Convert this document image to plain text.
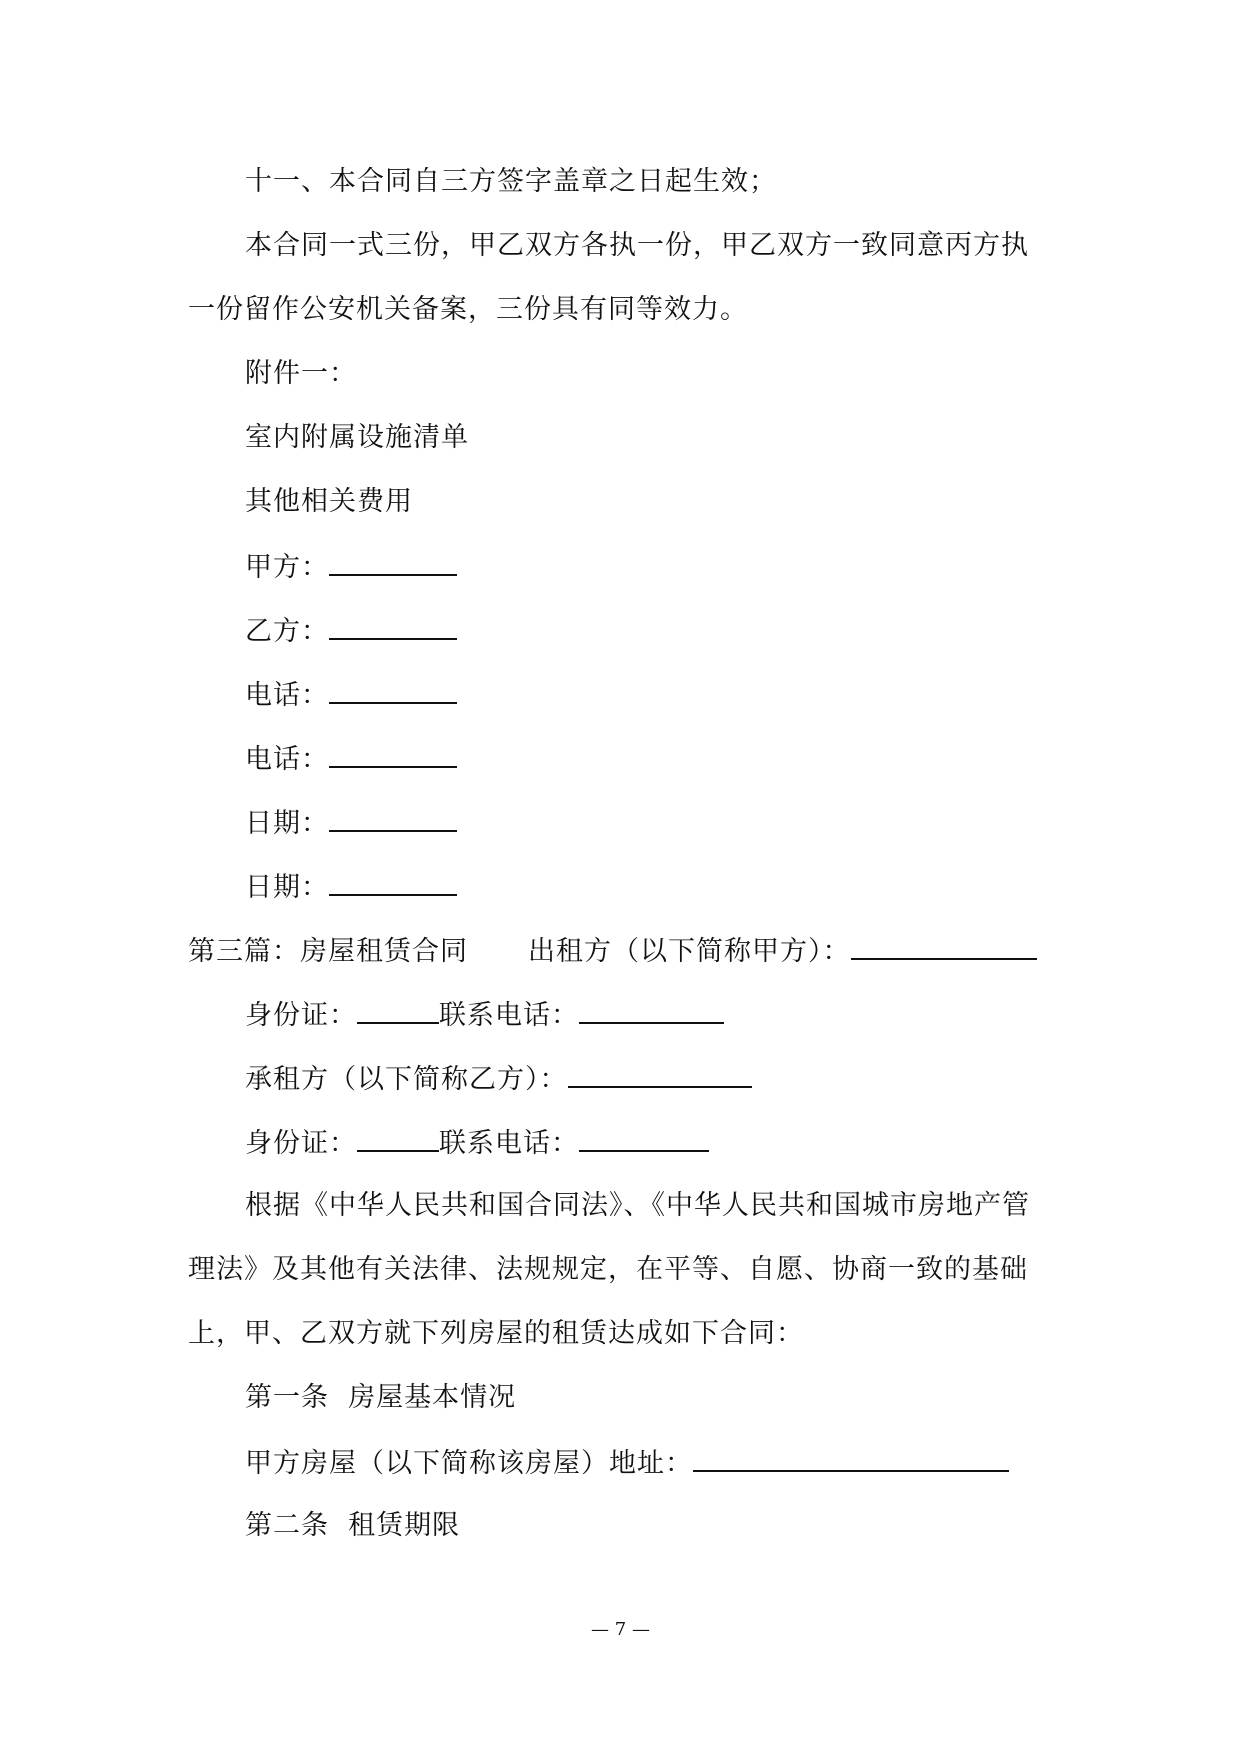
十一、本合同自三方签字盖章之日起生效；
本合同一式三份，甲乙双方各执一份，甲乙双方一致同意丙方执
一份留作公安机关备案，三份具有同等效力。
附件一：
室内附属设施清单
其他相关费用
甲方：
乙方：
电话：
电话：
日期：
日期：
第三篇：房屋租赁合同 出租方（以下简称甲方）：
身份证：	联系电话：
承租方（以下简称乙方）：
身份证：	联系电话：
根据《中华人民共和国合同法》、《中华人民共和国城市房地产管
理法》及其他有关法律、法规规定，在平等、自愿、协商一致的基础
上，甲、乙双方就下列房屋的租赁达成如下合同：
第一条  房屋基本情况
甲方房屋（以下简称该房屋）地址：
第二条  租赁期限
— 7 —
